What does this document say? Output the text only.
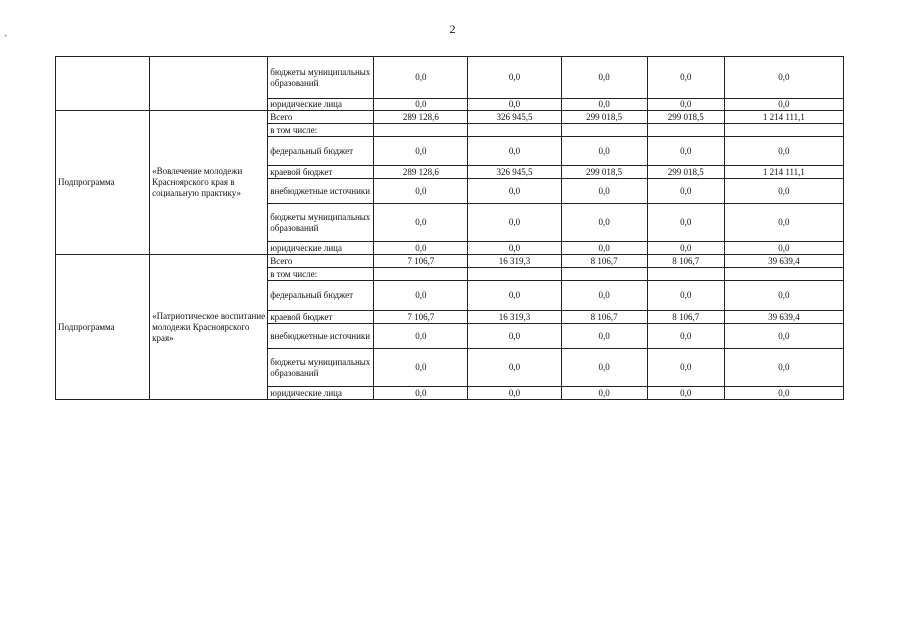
2
-
		бюджеты муниципальных образований	0,0	0,0	0,0	0,0	0,0
		юридические лица	0,0	0,0	0,0	0,0	0,0
Подпрограмма	«Вовлечение молодежи Красноярского края в социальную практику»	Всего	289 128,6	326 945,5	299 018,5	299 018,5	1 214 111,1
		в том числе:					
		федеральный бюджет	0,0	0,0	0,0	0,0	0,0
		краевой бюджет	289 128,6	326 945,5	299 018,5	299 018,5	1 214 111,1
		внебюджетные источники	0,0	0,0	0,0	0,0	0,0
		бюджеты муниципальных образований	0,0	0,0	0,0	0,0	0,0
		юридические лица	0,0	0,0	0,0	0,0	0,0
Подпрограмма	«Патриотическое воспитание молодежи Красноярского края»	Всего	7 106,7	16 319,3	8 106,7	8 106,7	39 639,4
		в том числе:					
		федеральный бюджет	0,0	0,0	0,0	0,0	0,0
		краевой бюджет	7 106,7	16 319,3	8 106,7	8 106,7	39 639,4
		внебюджетные источники	0,0	0,0	0,0	0,0	0,0
		бюджеты муниципальных образований	0,0	0,0	0,0	0,0	0,0
		юридические лица	0,0	0,0	0,0	0,0	0,0
